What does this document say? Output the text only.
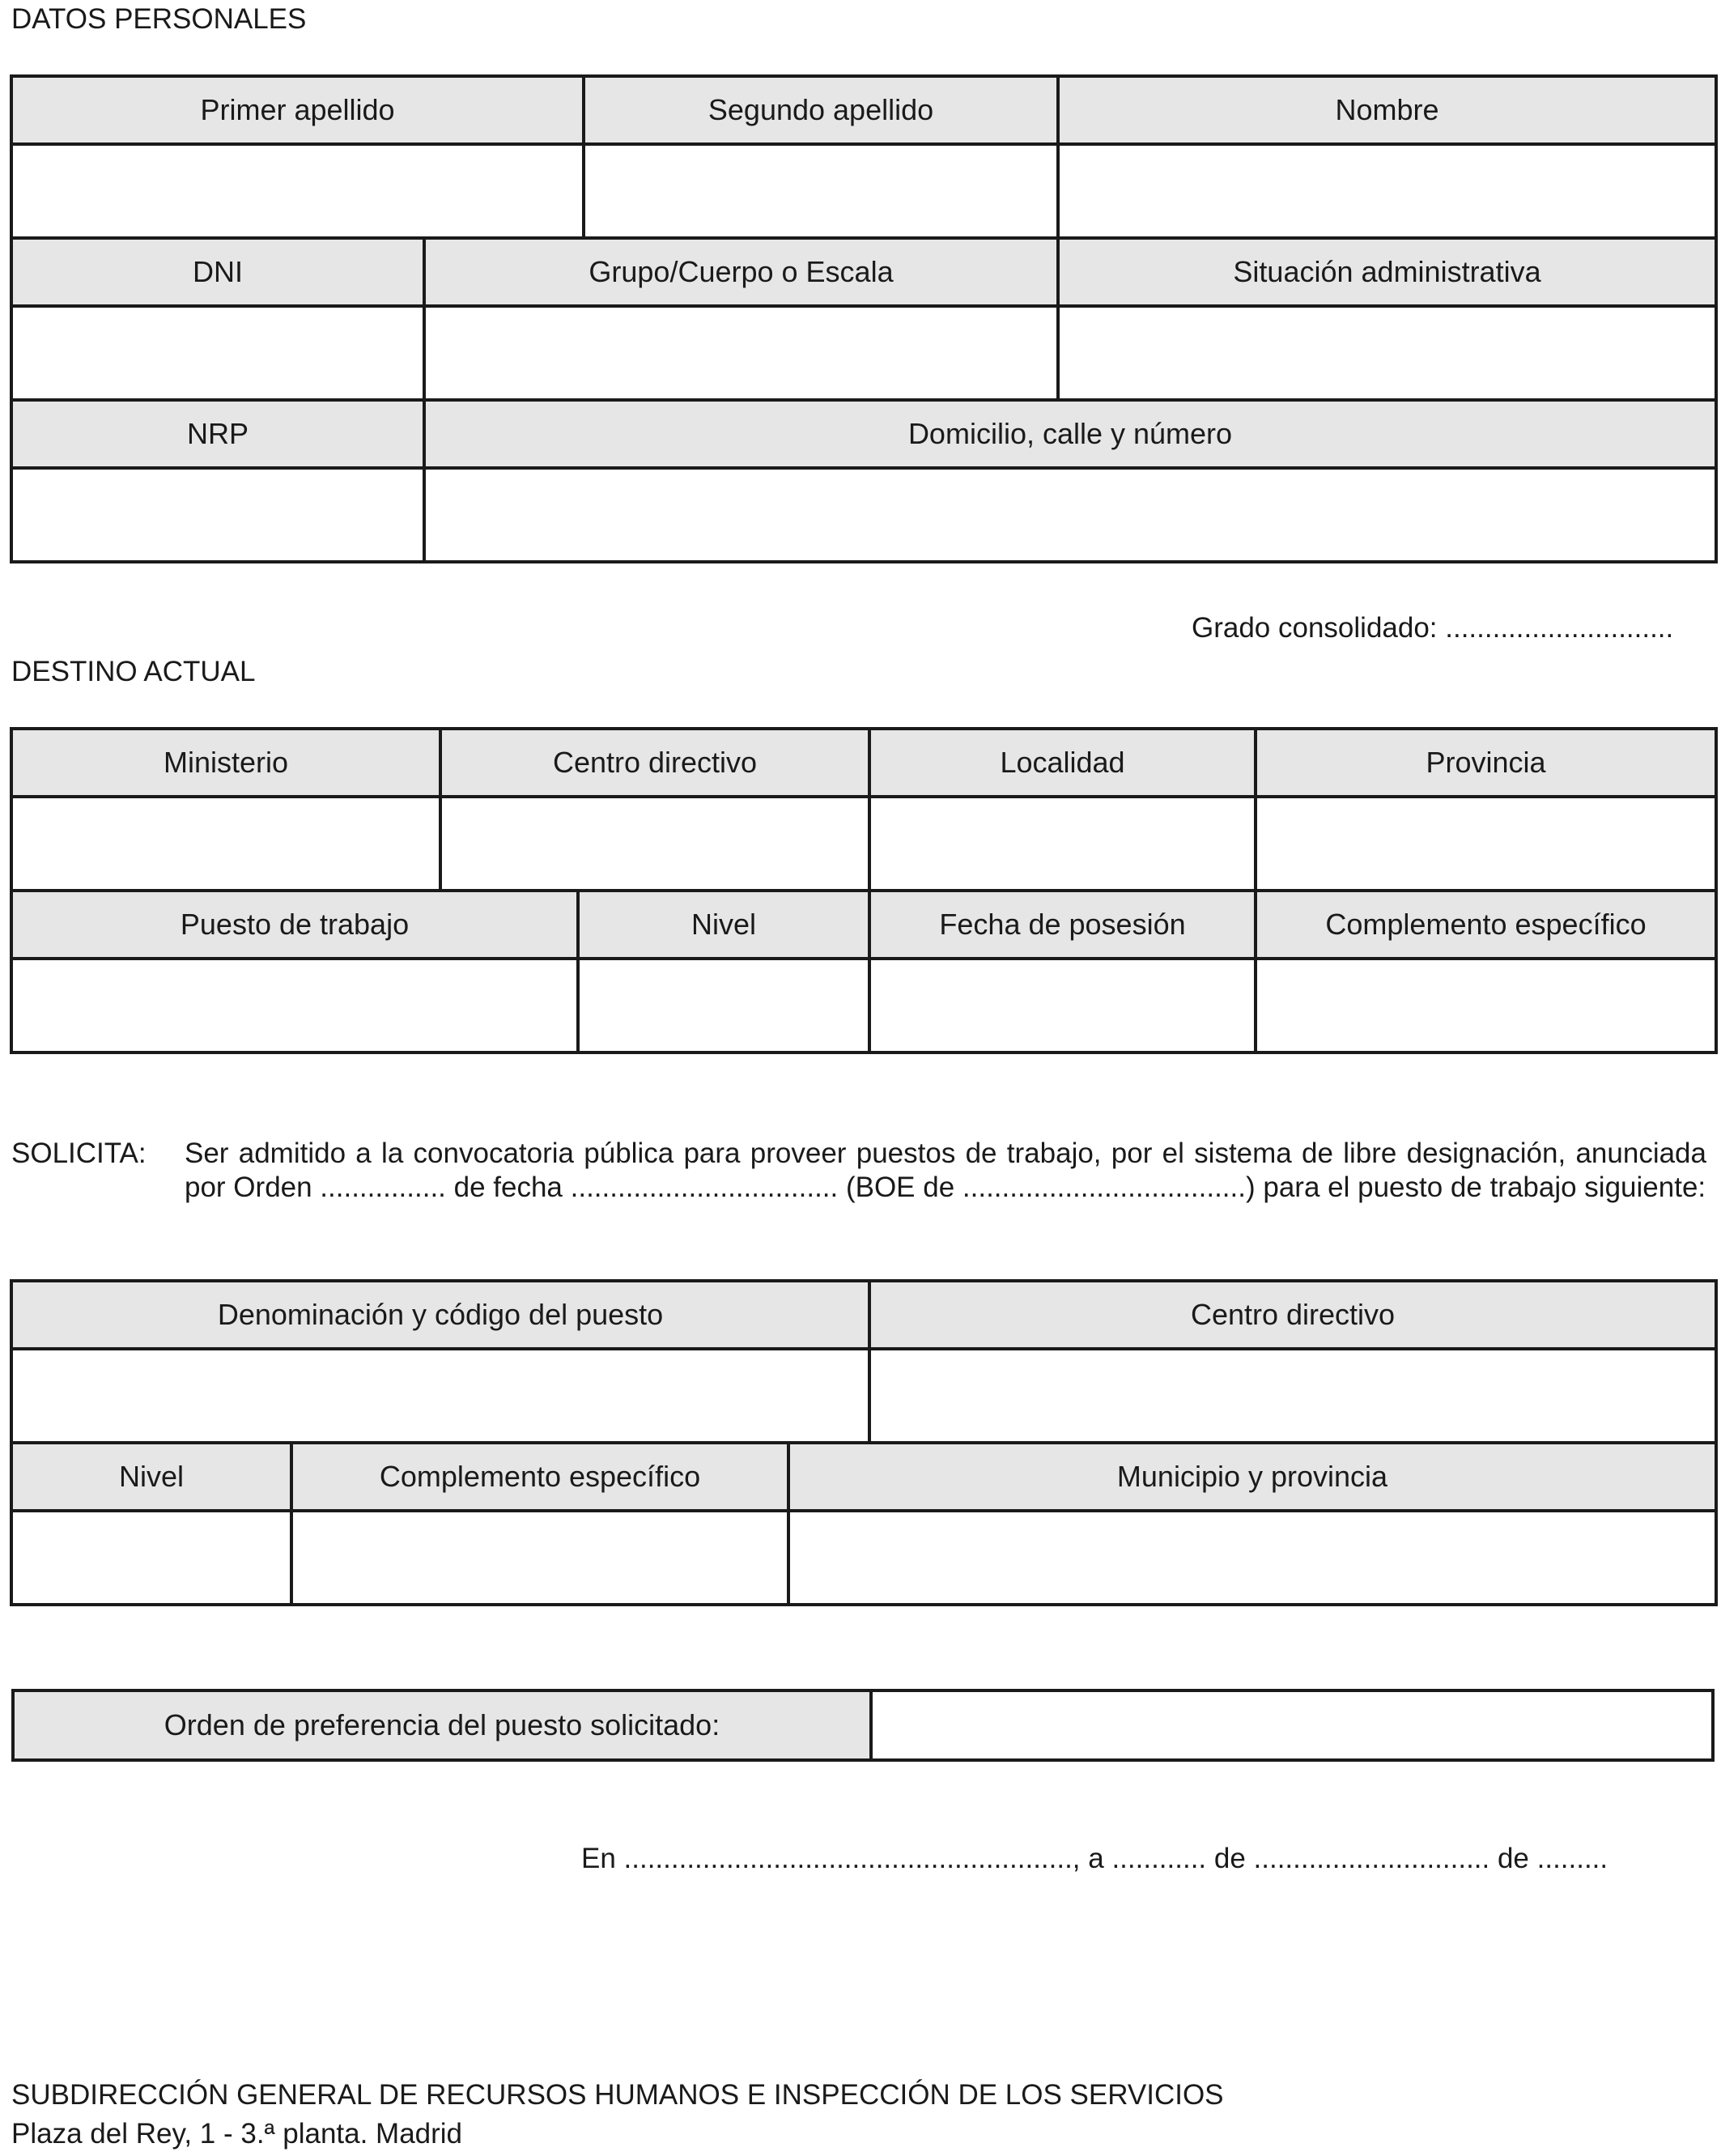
DATOS PERSONALES
Primer apellido		Segundo apellido	Nombre

DNI	Grupo/Cuerpo o Escala		Situación administrativa

NRP	Domicilio, calle y número		

Grado consolidado: .............................
DESTINO ACTUAL
Ministerio	Centro directivo		Localidad	Provincia

Puesto de trabajo		Nivel	Fecha de posesión	Complemento específico

SOLICITA: Ser admitido a la convocatoria pública para proveer puestos de trabajo, por el sistema de libre designación, anunciada por Orden ................ de fecha .................................. (BOE de ....................................) para el puesto de trabajo siguiente:
Denominación y código del puesto			Centro directivo

Nivel	Complemento específico	Municipio y provincia	

Orden de preferencia del puesto solicitado:	
En ........................................................., a ............ de .............................. de .........
SUBDIRECCIÓN GENERAL DE RECURSOS HUMANOS E INSPECCIÓN DE LOS SERVICIOS
Plaza del Rey, 1 - 3.ª planta. Madrid
